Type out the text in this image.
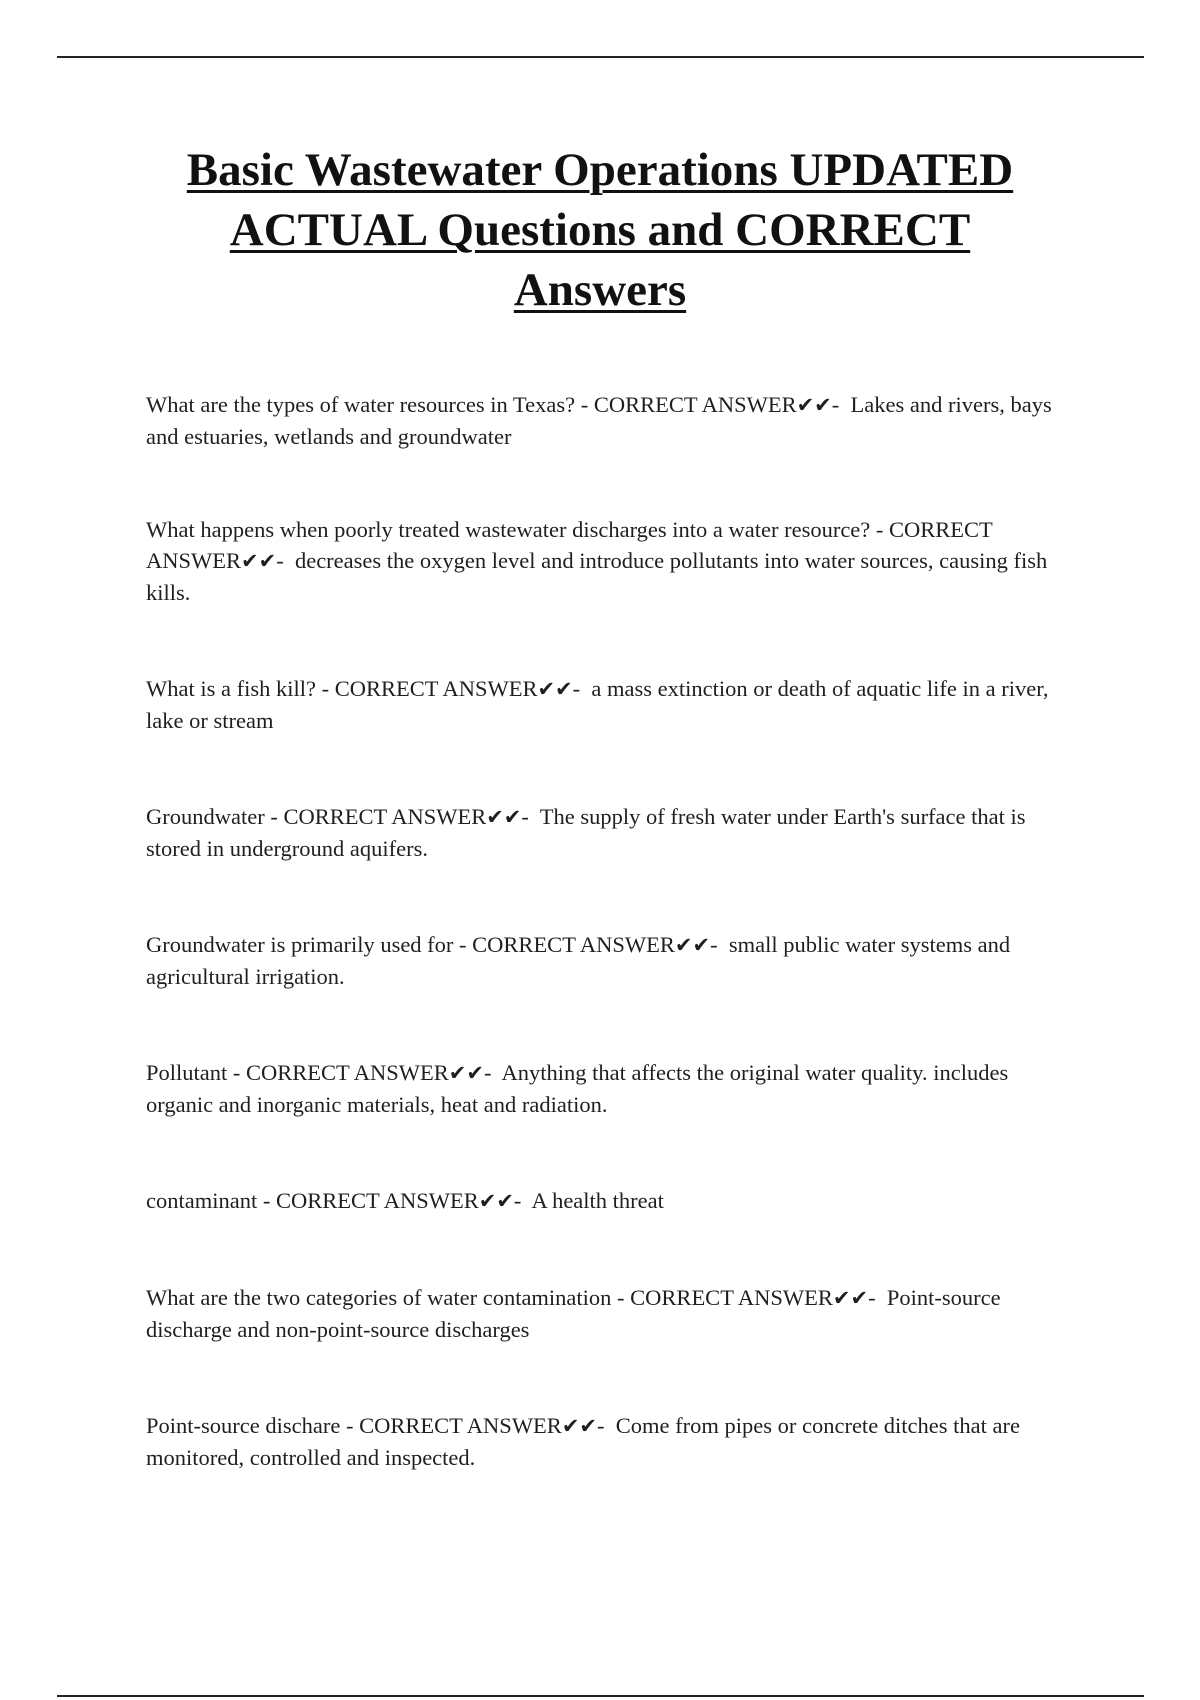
Basic Wastewater Operations UPDATED ACTUAL Questions and CORRECT Answers

What are the types of water resources in Texas? - CORRECT ANSWER✔✔-  Lakes and rivers, bays and estuaries, wetlands and groundwater

What happens when poorly treated wastewater discharges into a water resource? - CORRECT ANSWER✔✔-  decreases the oxygen level and introduce pollutants into water sources, causing fish kills.

What is a fish kill? - CORRECT ANSWER✔✔-  a mass extinction or death of aquatic life in a river, lake or stream

Groundwater - CORRECT ANSWER✔✔-  The supply of fresh water under Earth's surface that is stored in underground aquifers.

Groundwater is primarily used for - CORRECT ANSWER✔✔-  small public water systems and agricultural irrigation.

Pollutant - CORRECT ANSWER✔✔-  Anything that affects the original water quality. includes organic and inorganic materials, heat and radiation.

contaminant - CORRECT ANSWER✔✔-  A health threat

What are the two categories of water contamination - CORRECT ANSWER✔✔-  Point-source discharge and non-point-source discharges

Point-source dischare - CORRECT ANSWER✔✔-  Come from pipes or concrete ditches that are monitored, controlled and inspected.
